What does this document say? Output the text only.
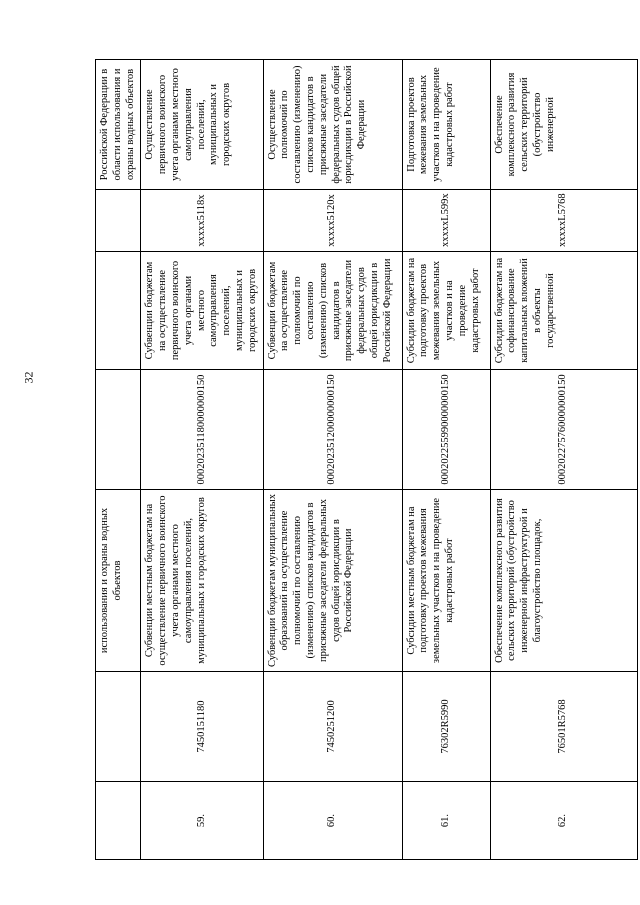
32
		использования и охраны водных объектов				Российской Федерации в области использования и охраны водных объектов
59.	7450151180	Субвенции местным бюджетам на осуществление первичного воинского учета органами местного самоуправления поселений, муниципальных и городских округов	000202351180000000150	Субвенции бюджетам на осуществление первичного воинского учета органами местного самоуправления поселений, муниципальных и городских округов	xxxxx5118x	Осуществление первичного воинского учета органами местного самоуправления поселений, муниципальных и городских округов
60.	7450251200	Субвенции бюджетам муниципальных образований на осуществление полномочий по составлению (изменению) списков кандидатов в присяжные заседатели федеральных судов общей юрисдикции в Российской Федерации	000202351200000000150	Субвенции бюджетам на осуществление полномочий по составлению (изменению) списков кандидатов в присяжные заседатели федеральных судов общей юрисдикции в Российской Федерации	xxxxx5120x	Осуществление полномочий по составлению (изменению) списков кандидатов в присяжные заседатели федеральных судов общей юрисдикции в Российской Федерации
61.	76302R5990	Субсидии местным бюджетам на подготовку проектов межевания земельных участков и на проведение кадастровых работ	000202255990000000150	Субсидии бюджетам на подготовку проектов межевания земельных участков и на проведение кадастровых работ	xxxxxL599x	Подготовка проектов межевания земельных участков и на проведение кадастровых работ
62.	76501R5768	Обеспечение комплексного развития сельских территорий (обустройство инженерной инфраструктурой и благоустройство площадок,	000202275760000000150	Субсидии бюджетам на софинансирование капитальных вложений в объекты государственной	xxxxxL5768	Обеспечение комплексного развития сельских территорий (обустройство инженерной
